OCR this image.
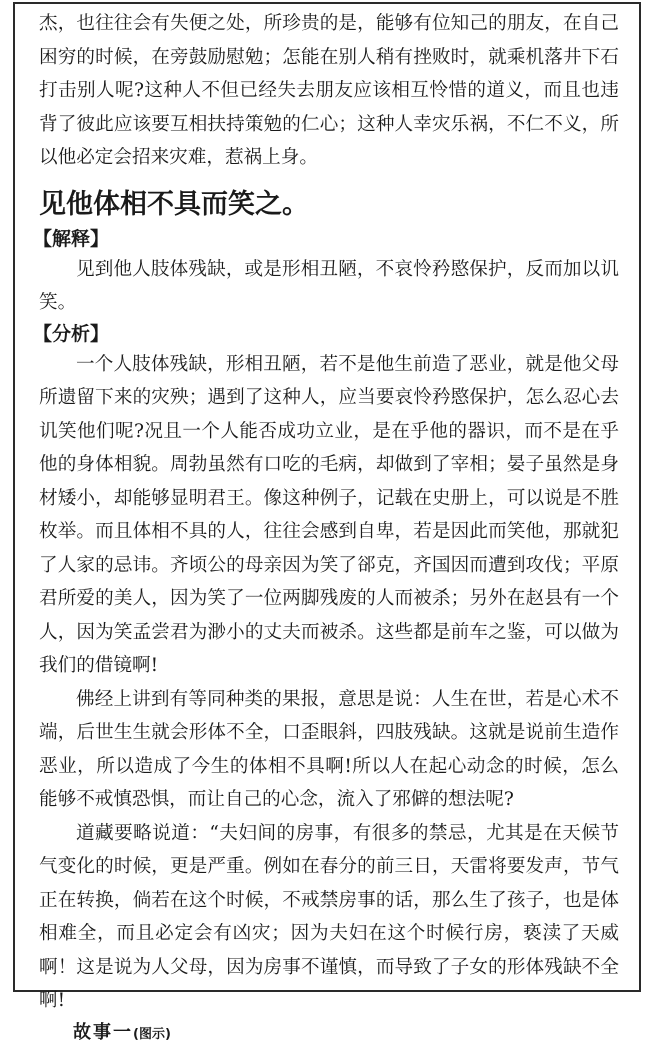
杰，也往往会有失便之处，所珍贵的是，能够有位知己的朋友，在自己困穷的时候，在旁鼓励慰勉；怎能在别人稍有挫败时，就乘机落井下石打击别人呢?这种人不但已经失去朋友应该相互怜惜的道义，而且也违背了彼此应该要互相扶持策勉的仁心；这种人幸灾乐祸，不仁不义，所以他必定会招来灾难，惹祸上身。

见他体相不具而笑之。
【解释】

见到他人肢体残缺，或是形相丑陋，不哀怜矜愍保护，反而加以讥笑。

【分析】

一个人肢体残缺，形相丑陋，若不是他生前造了恶业，就是他父母所遗留下来的灾殃；遇到了这种人，应当要哀怜矜愍保护，怎么忍心去讥笑他们呢?况且一个人能否成功立业，是在乎他的器识，而不是在乎他的身体相貌。周勃虽然有口吃的毛病，却做到了宰相；晏子虽然是身材矮小，却能够显明君王。像这种例子，记载在史册上，可以说是不胜枚举。而且体相不具的人，往往会感到自卑，若是因此而笑他，那就犯了人家的忌讳。齐顷公的母亲因为笑了郤克，齐国因而遭到攻伐；平原君所爱的美人，因为笑了一位两脚残废的人而被杀；另外在赵县有一个人，因为笑孟尝君为渺小的丈夫而被杀。这些都是前车之鉴，可以做为我们的借镜啊!

佛经上讲到有等同种类的果报，意思是说：人生在世，若是心术不端，后世生生就会形体不全，口歪眼斜，四肢残缺。这就是说前生造作恶业，所以造成了今生的体相不具啊!所以人在起心动念的时候，怎么能够不戒慎恐惧，而让自己的心念，流入了邪僻的想法呢?

道藏要略说道：“夫妇间的房事，有很多的禁忌，尤其是在天候节气变化的时候，更是严重。例如在春分的前三日，天雷将要发声，节气正在转换，倘若在这个时候，不戒禁房事的话，那么生了孩子，也是体相难全，而且必定会有凶灾；因为夫妇在这个时候行房，亵渎了天威啊！这是说为人父母，因为房事不谨慎，而导致了子女的形体残缺不全啊!

故事一(图示)
